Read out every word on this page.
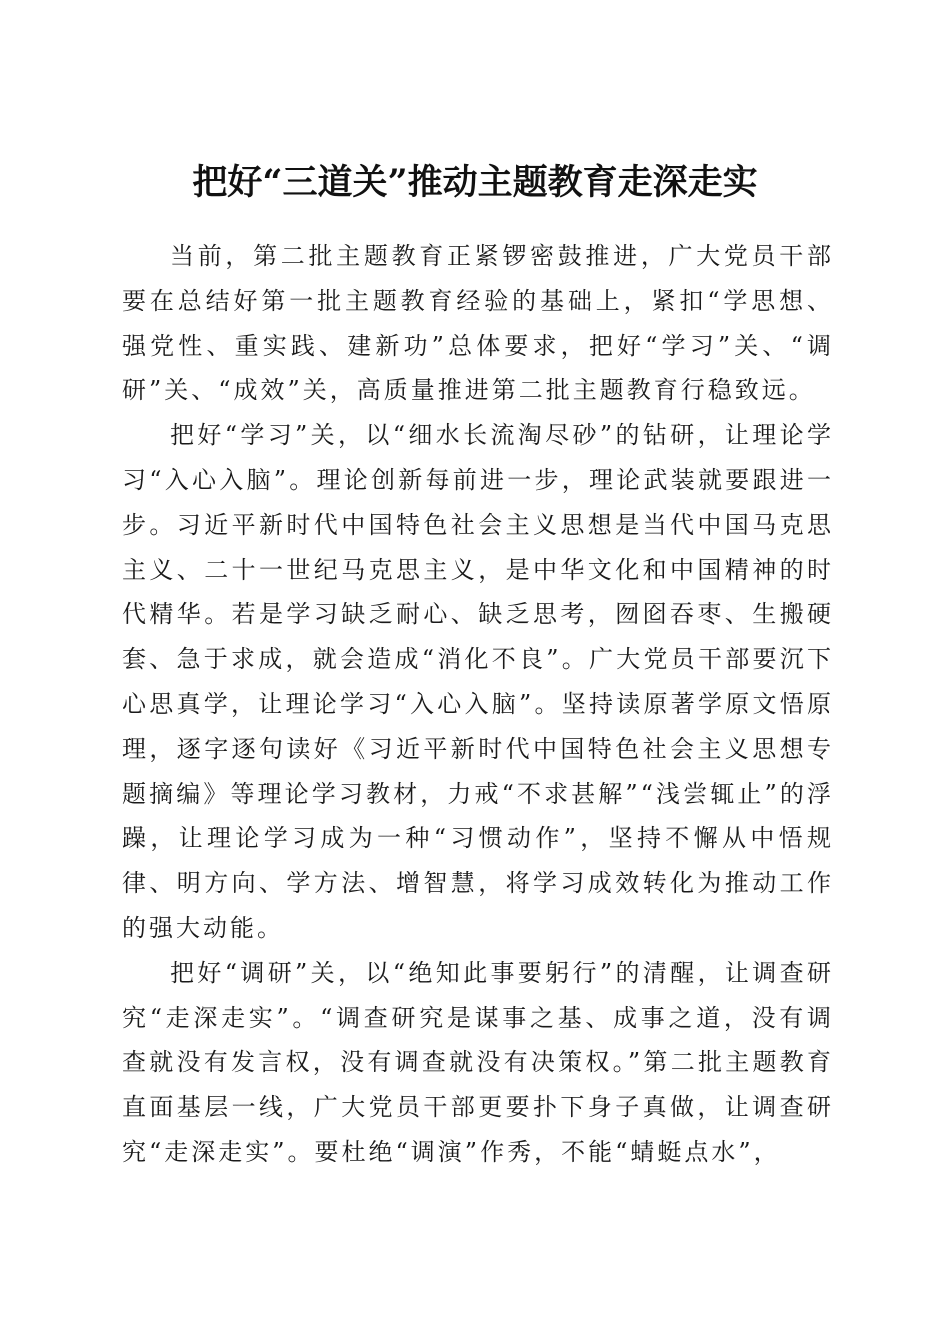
把好“三道关”推动主题教育走深走实

当前，第二批主题教育正紧锣密鼓推进，广大党员干部要在总结好第一批主题教育经验的基础上，紧扣“学思想、强党性、重实践、建新功”总体要求，把好“学习”关、“调研”关、“成效”关，高质量推进第二批主题教育行稳致远。

把好“学习”关，以“细水长流淘尽砂”的钻研，让理论学习“入心入脑”。理论创新每前进一步，理论武装就要跟进一步。习近平新时代中国特色社会主义思想是当代中国马克思主义、二十一世纪马克思主义，是中华文化和中国精神的时代精华。若是学习缺乏耐心、缺乏思考，囫囵吞枣、生搬硬套、急于求成，就会造成“消化不良”。广大党员干部要沉下心思真学，让理论学习“入心入脑”。坚持读原著学原文悟原理，逐字逐句读好《习近平新时代中国特色社会主义思想专题摘编》等理论学习教材，力戒“不求甚解”“浅尝辄止”的浮躁，让理论学习成为一种“习惯动作”，坚持不懈从中悟规律、明方向、学方法、增智慧，将学习成效转化为推动工作的强大动能。

把好“调研”关，以“绝知此事要躬行”的清醒，让调查研究“走深走实”。“调查研究是谋事之基、成事之道，没有调查就没有发言权，没有调查就没有决策权。”第二批主题教育直面基层一线，广大党员干部更要扑下身子真做，让调查研究“走深走实”。要杜绝“调演”作秀，不能“蜻蜓点水”，
